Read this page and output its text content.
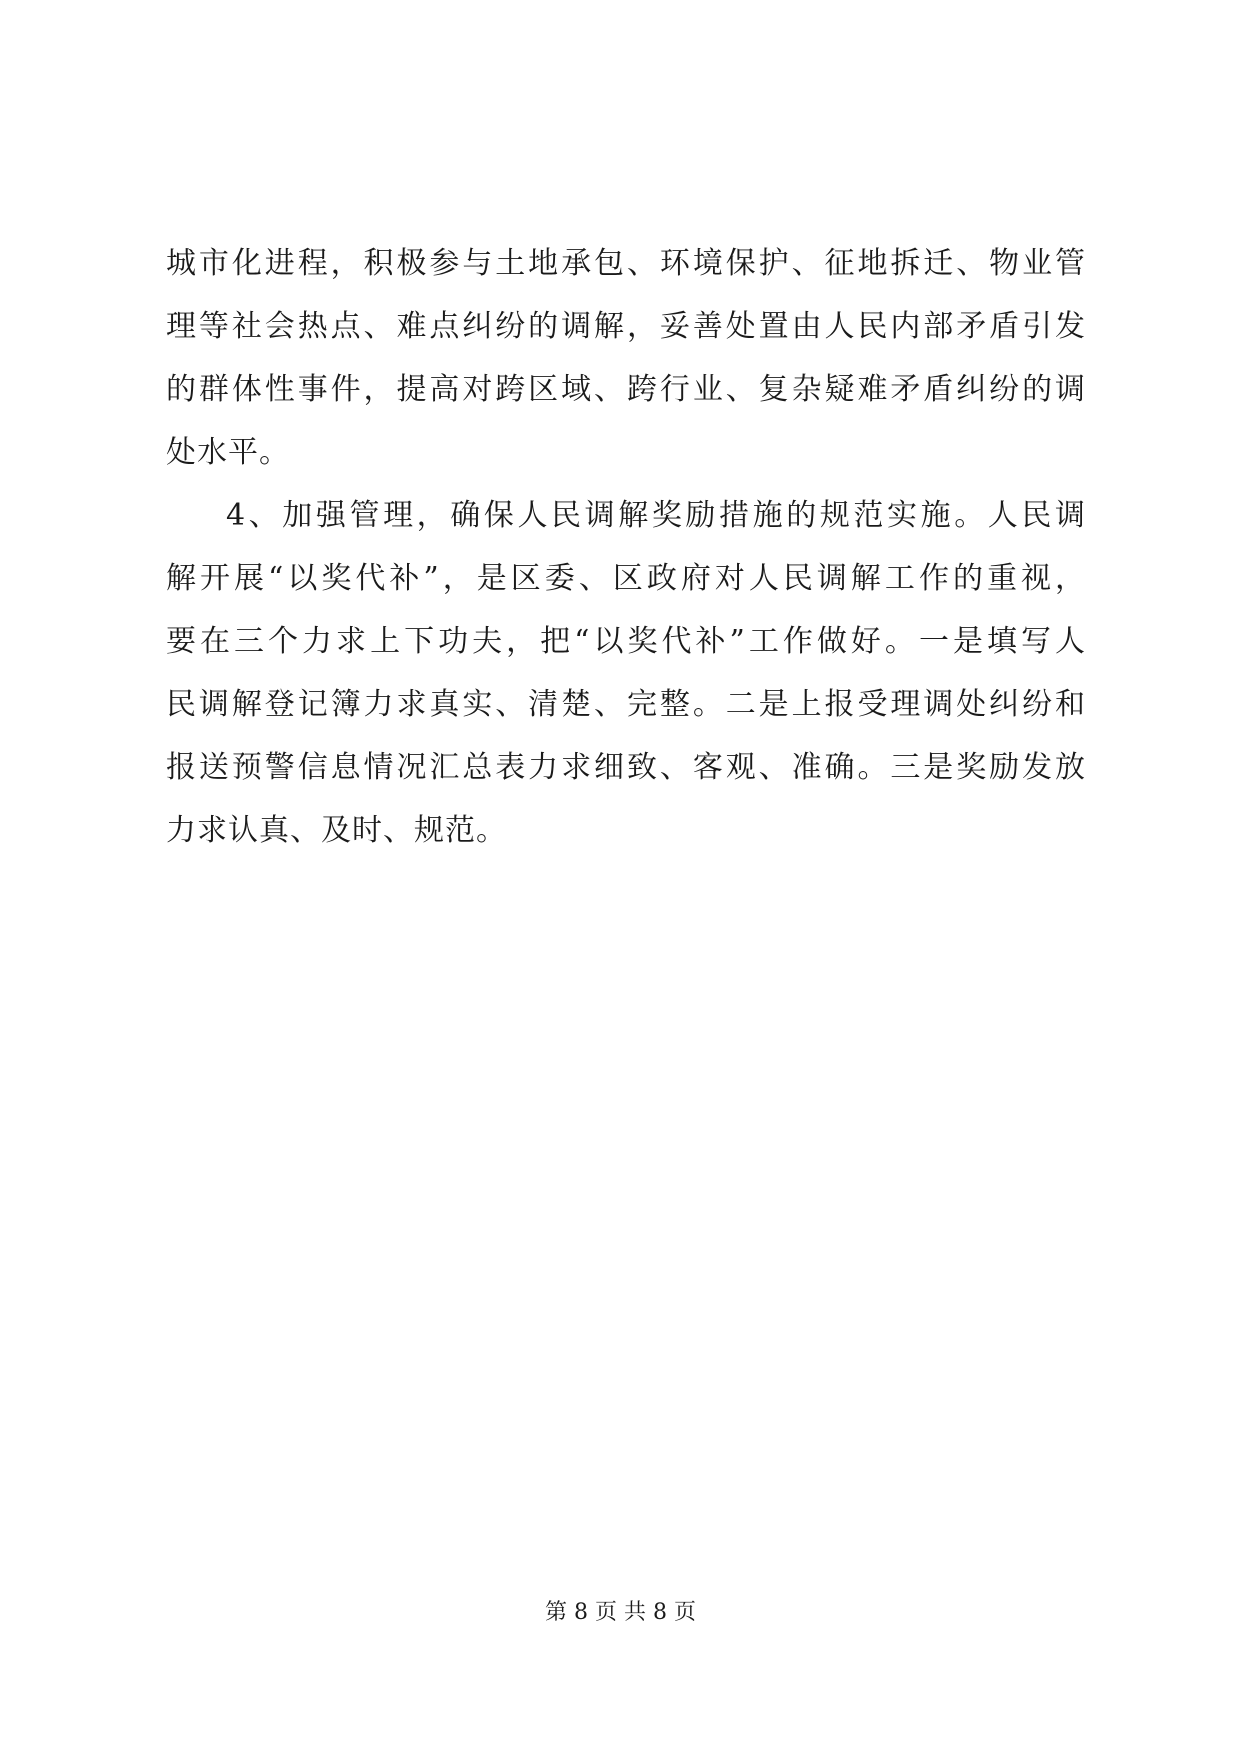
城市化进程，积极参与土地承包、环境保护、征地拆迁、物业管
理等社会热点、难点纠纷的调解，妥善处置由人民内部矛盾引发
的群体性事件，提高对跨区域、跨行业、复杂疑难矛盾纠纷的调
处水平。
4、加强管理，确保人民调解奖励措施的规范实施。人民调
解开展“以奖代补”，是区委、区政府对人民调解工作的重视，
要在三个力求上下功夫，把“以奖代补”工作做好。一是填写人
民调解登记簿力求真实、清楚、完整。二是上报受理调处纠纷和
报送预警信息情况汇总表力求细致、客观、准确。三是奖励发放
力求认真、及时、规范。
第 8 页 共 8 页
